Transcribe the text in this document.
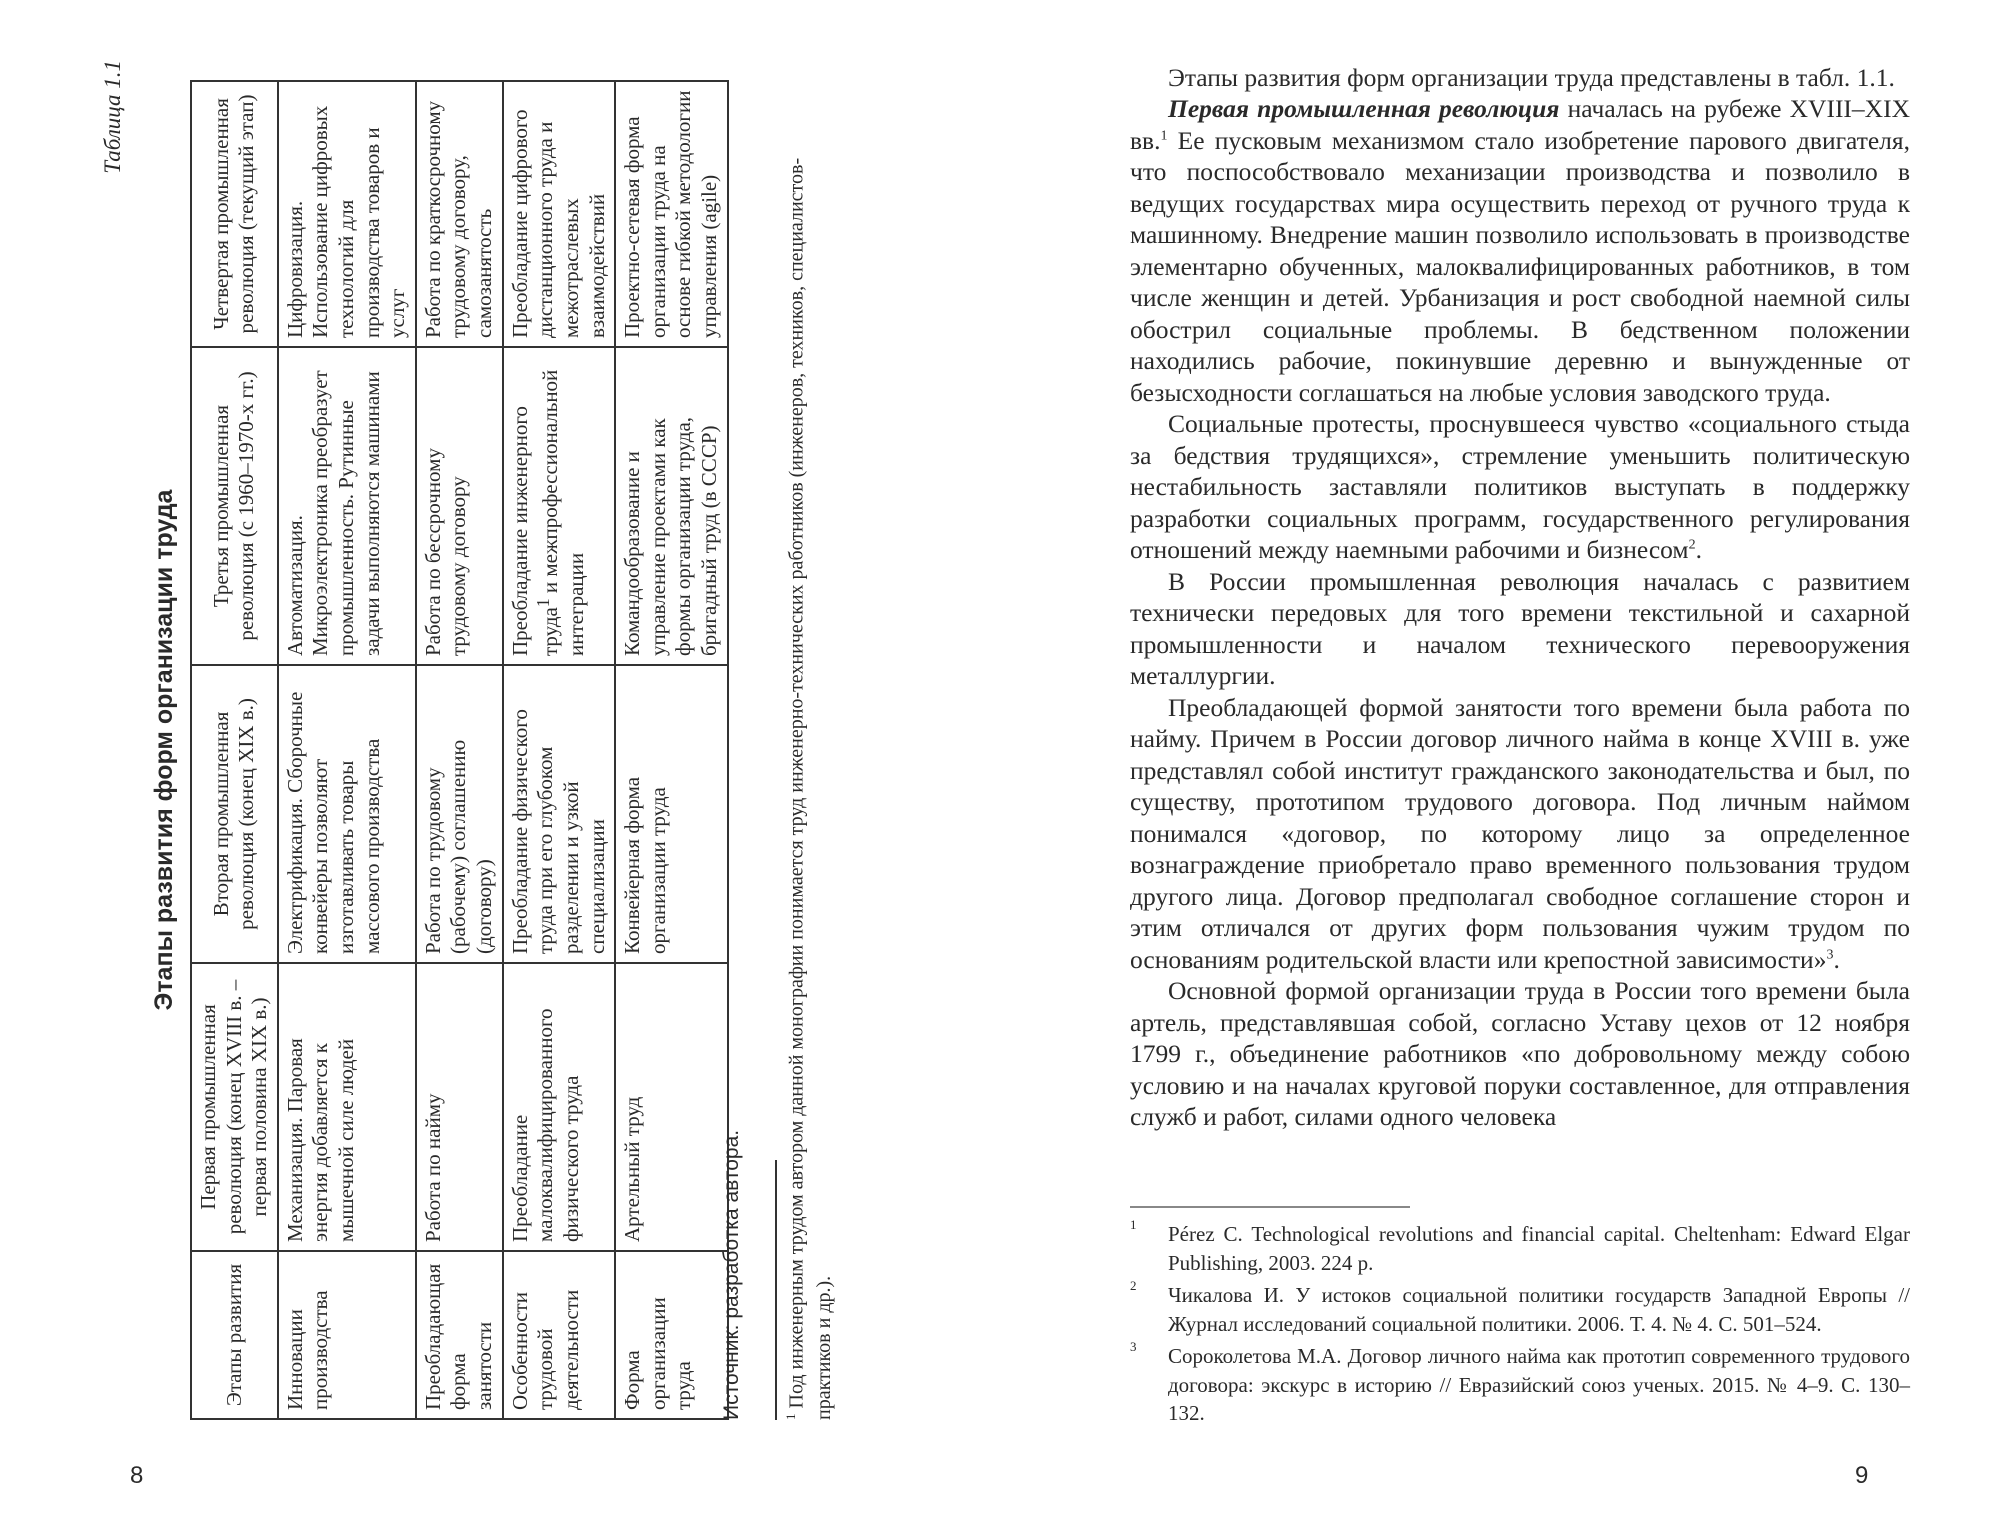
Таблица 1.1
Этапы развития форм организации труда
Этапы развития	Первая промышленная революция (конец XVIII в. – первая половина XIX в.)	Вторая промышленная революция (конец XIX в.)	Третья промышленная революция (с 1960–1970-х гг.)	Четвертая промышленная революция (текущий этап)
Инновации производства	Механизация. Паровая энергия добавляется к мышечной силе людей	Электрификация. Сборочные конвейеры позволяют изготавливать товары массового производства	Автоматизация. Микроэлектроника преобразует промышленность. Рутинные задачи выполняются машинами	Цифровизация. Использование цифровых технологий для производства товаров и услуг
Преобладающая форма занятости	Работа по найму	Работа по трудовому (рабочему) соглашению (договору)	Работа по бессрочному трудовому договору	Работа по краткосрочному трудовому договору, самозанятость
Особенности трудовой деятельности	Преобладание малоквалифицированного физического труда	Преобладание физического труда при его глубоком разделении и узкой специализации	Преобладание инженерного труда$^1$ и межпрофессиональной интеграции	Преобладание цифрового дистанционного труда и межотраслевых взаимодействий
Форма организации труда	Артельный труд	Конвейерная форма организации труда	Командообразование и управление проектами как формы организации труда, бригадный труд (в СССР)	Проектно-сетевая форма организации труда на основе гибкой методологии управления (agile)
Источник: разработка автора.	$^1$ Под инженерным трудом автором данной монографии понимается труд инженерно-технических работников (инженеров, техников, специалистов-практиков и др.).
8

Этапы развития форм организации труда представлены в табл. 1.1.

Первая промышленная революция началась на рубеже XVIII–XIX вв.$^1$ Ее пусковым механизмом стало изобретение парового двигателя, что поспособствовало механизации производства и позволило в ведущих государствах мира осуществить переход от ручного труда к машинному. Внедрение машин позволило использовать в производстве элементарно обученных, малоквалифицированных работников, в том числе женщин и детей. Урбанизация и рост свободной наемной силы обострил социальные проблемы. В бедственном положении находились рабочие, покинувшие деревню и вынужденные от безысходности соглашаться на любые условия заводского труда.

Социальные протесты, проснувшееся чувство «социального стыда за бедствия трудящихся», стремление уменьшить политическую нестабильность заставляли политиков выступать в поддержку разработки социальных программ, государственного регулирования отношений между наемными рабочими и бизнесом$^2$.

В России промышленная революция началась с развитием технически передовых для того времени текстильной и сахарной промышленности и началом технического перевооружения металлургии.

Преобладающей формой занятости того времени была работа по найму. Причем в России договор личного найма в конце XVIII в. уже представлял собой институт гражданского законодательства и был, по существу, прототипом трудового договора. Под личным наймом понимался «договор, по которому лицо за определенное вознаграждение приобретало право временного пользования трудом другого лица. Договор предполагал свободное соглашение сторон и этим отличался от других форм пользования чужим трудом по основаниям родительской власти или крепостной зависимости»$^3$.

Основной формой организации труда в России того времени была артель, представлявшая собой, согласно Уставу цехов от 12 ноября 1799 г., объединение работников «по добровольному между собою условию и на началах круговой поруки составленное, для отправления служб и работ, силами одного человека

1 Pérez C. Technological revolutions and financial capital. Cheltenham: Edward Elgar Publishing, 2003. 224 p.
2 Чикалова И. У истоков социальной политики государств Западной Европы // Журнал исследований социальной политики. 2006. Т. 4. № 4. С. 501–524.
3 Сороколетова М.А. Договор личного найма как прототип современного трудового договора: экскурс в историю // Евразийский союз ученых. 2015. № 4–9. С. 130–132.
9
